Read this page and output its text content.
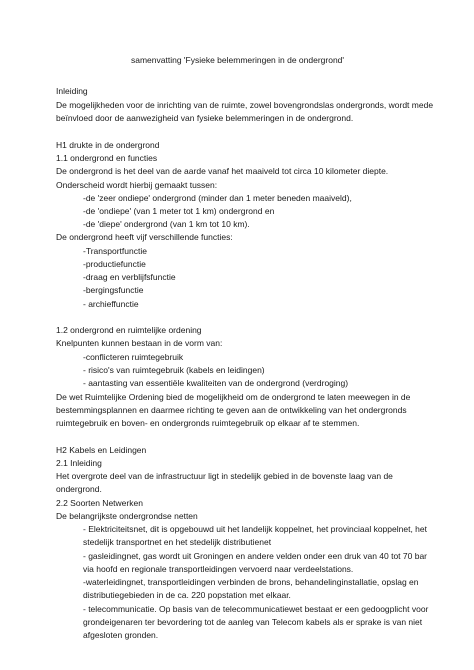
samenvatting 'Fysieke belemmeringen in de ondergrond'
Inleiding
De mogelijkheden voor de inrichting van de ruimte, zowel bovengrondslas ondergronds, wordt mede
beïnvloed door de aanwezigheid van fysieke belemmeringen in de ondergrond.
H1 drukte in de ondergrond
1.1 ondergrond en functies
De ondergrond is het deel van de aarde vanaf het maaiveld tot circa 10 kilometer diepte.
Onderscheid wordt hierbij gemaakt tussen:
-de 'zeer ondiepe' ondergrond (minder dan 1 meter beneden maaiveld),
-de 'ondiepe' (van 1 meter tot 1 km) ondergrond en
-de 'diepe' ondergrond (van 1 km tot 10 km).
De ondergrond heeft vijf verschillende functies:
-Transportfunctie
-productiefunctie
-draag en verblijfsfunctie
-bergingsfunctie
- archieffunctie
1.2 ondergrond en ruimtelijke ordening
Knelpunten kunnen bestaan in de vorm van:
-conflicteren ruimtegebruik
- risico's van ruimtegebruik (kabels en leidingen)
- aantasting van essentiële kwaliteiten van de ondergrond (verdroging)
De wet Ruimtelijke Ordening bied de mogelijkheid om de ondergrond te laten meewegen in de
bestemmingsplannen en daarmee richting te geven aan de ontwikkeling van het ondergronds
ruimtegebruik en boven- en ondergronds ruimtegebruik op elkaar af te stemmen.
H2 Kabels en Leidingen
2.1 Inleiding
Het overgrote deel van de infrastructuur ligt in stedelijk gebied in de bovenste laag van de
ondergrond.
2.2 Soorten Netwerken
De belangrijkste ondergrondse netten
- Elektriciteitsnet, dit is opgebouwd uit het landelijk koppelnet, het provinciaal koppelnet, het
stedelijk transportnet en het stedelijk distributienet
- gasleidingnet, gas wordt uit Groningen en andere velden onder een druk van 40 tot 70 bar
via hoofd en regionale transportleidingen vervoerd naar verdeelstations.
-waterleidingnet, transportleidingen verbinden de brons, behandelinginstallatie, opslag en
distributiegebieden in de ca. 220 popstation met elkaar.
- telecommunicatie. Op basis van de telecommunicatiewet bestaat er een gedoogplicht voor
grondeigenaren ter bevordering tot de aanleg van Telecom kabels als er sprake is van niet
afgesloten gronden.
